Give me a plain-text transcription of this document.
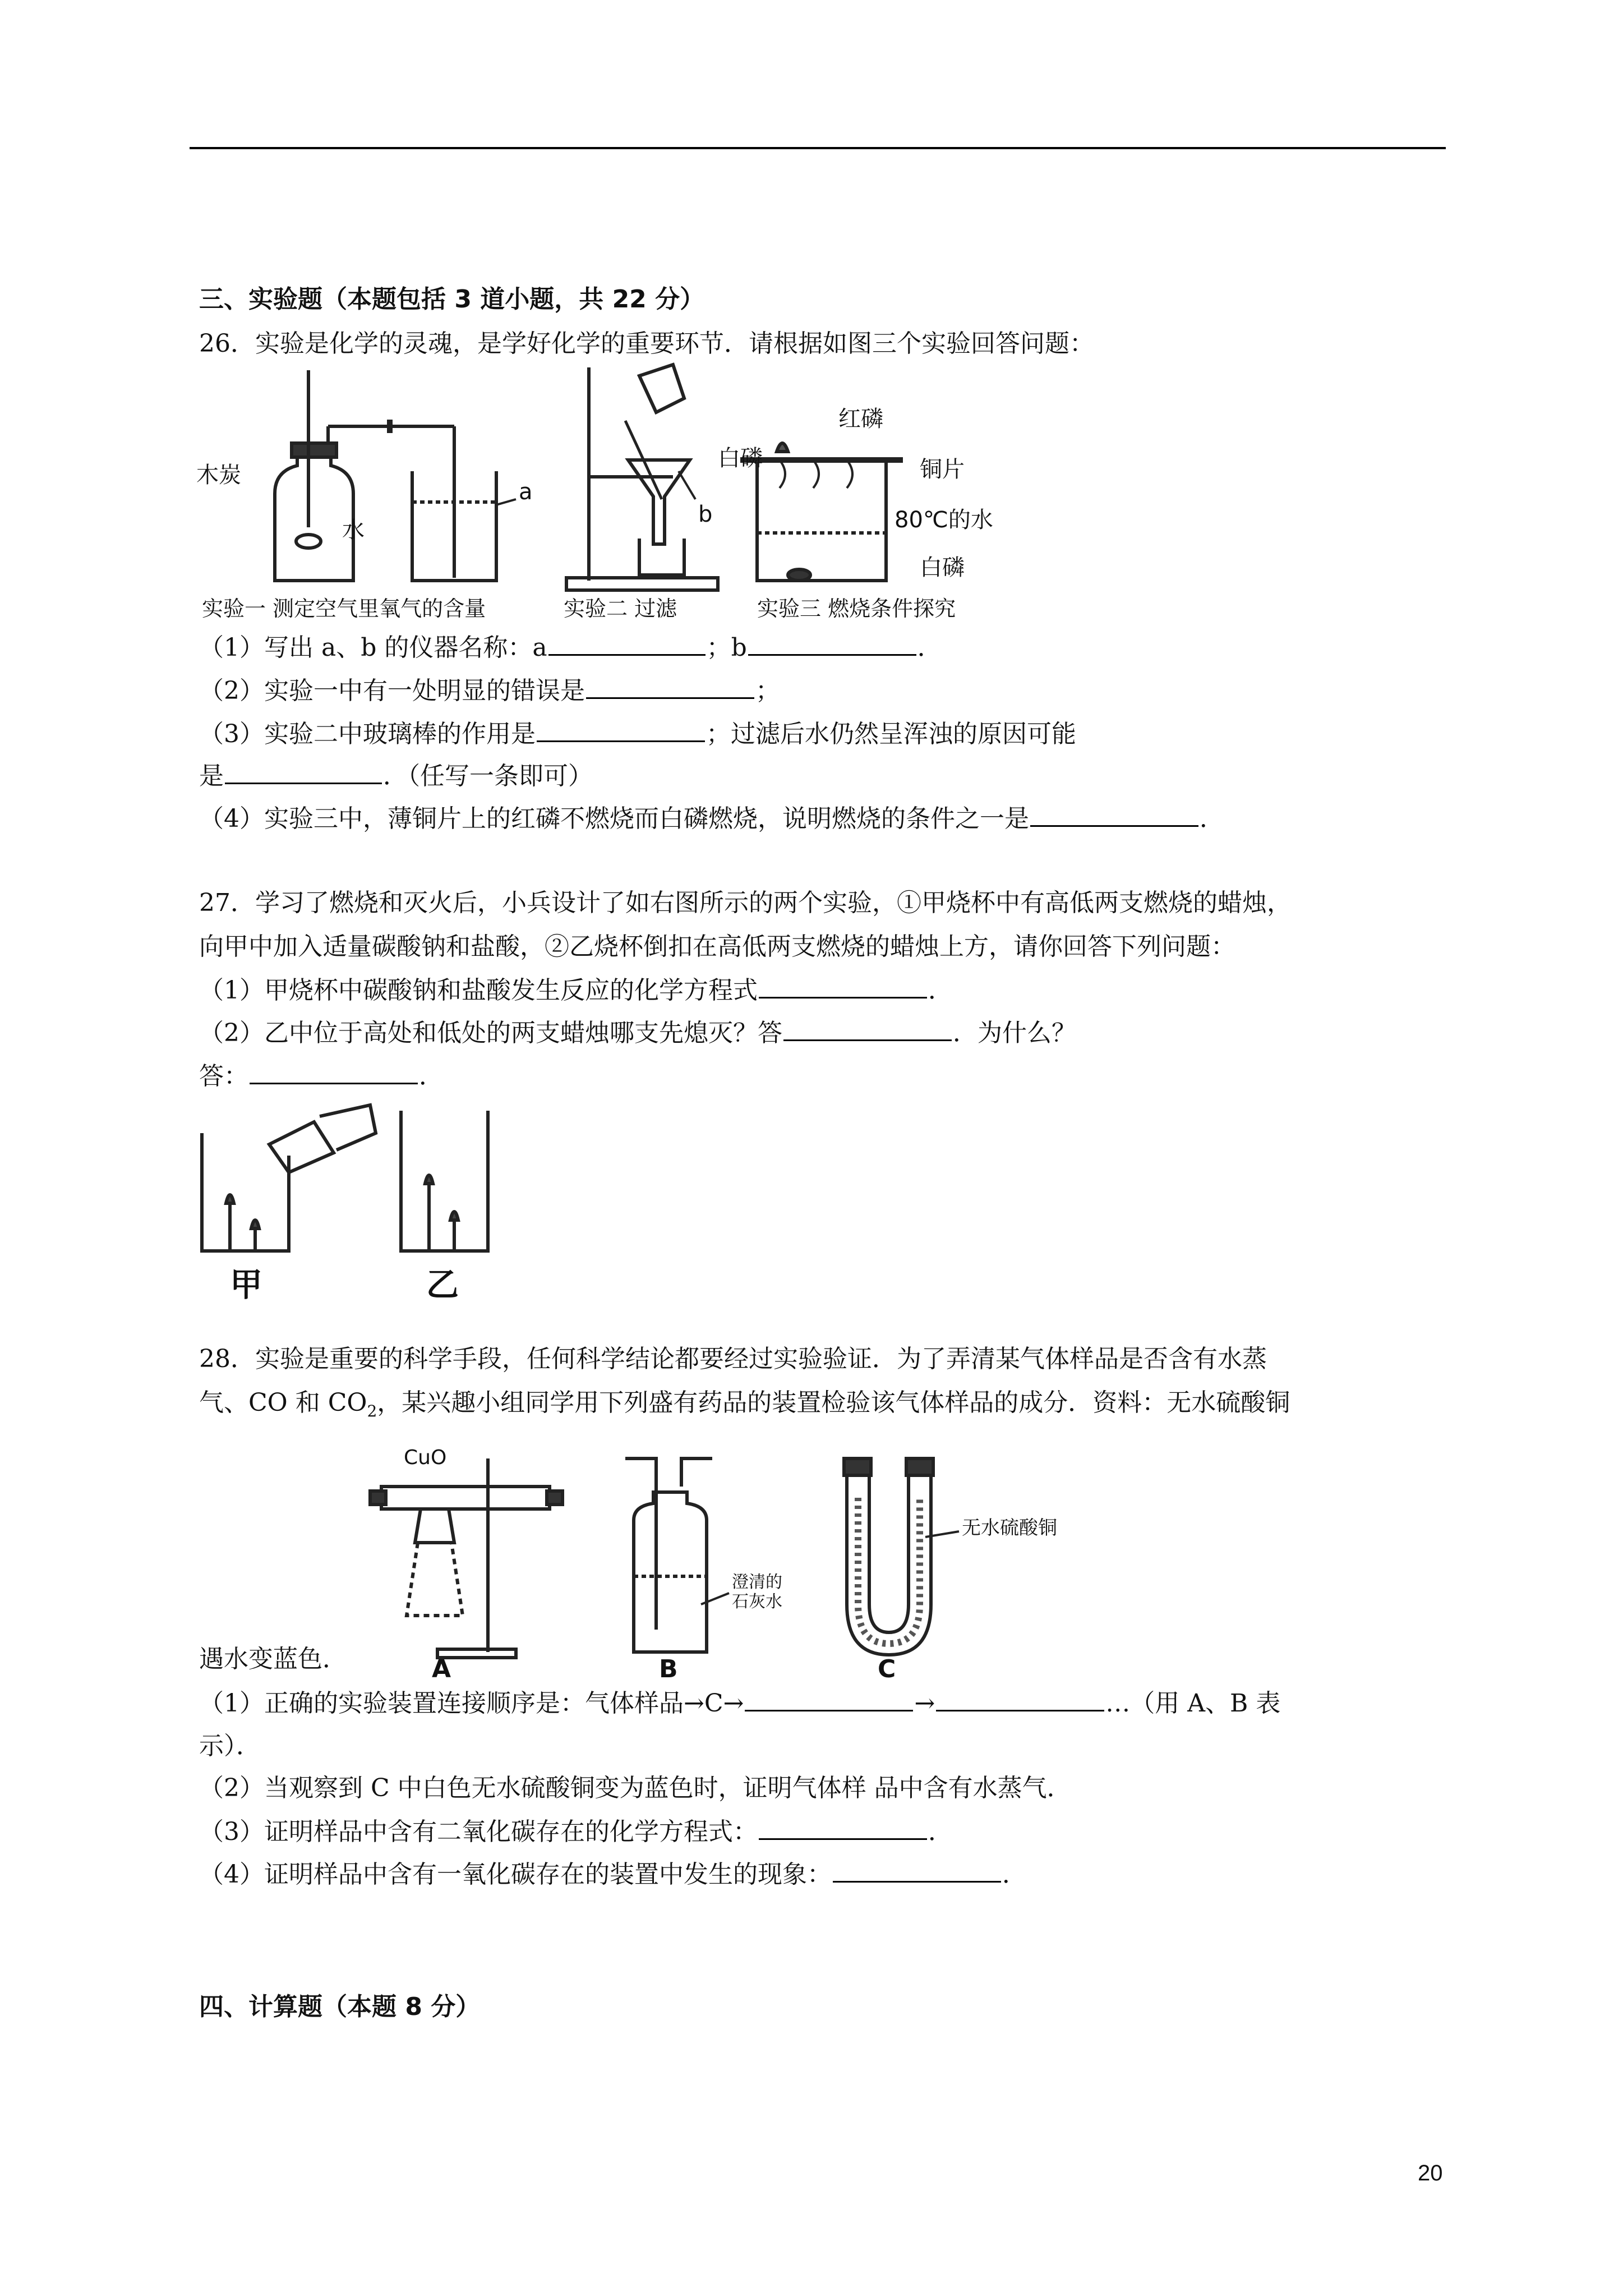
三、实验题（本题包括 3 道小题，共 22 分）
26．实验是化学的灵魂，是学好化学的重要环节．请根据如图三个实验回答问题：
木炭
水
a
b
红磷
白磷	铜片
80℃的水
白磷
实验一 测定空气里氧气的含量	实验二 过滤	实验三 燃烧条件探究
（1）写出 a、b 的仪器名称：a	；b	．
（2）实验一中有一处明显的错误是	；
（3）实验二中玻璃棒的作用是	；过滤后水仍然呈浑浊的原因可能
是	．（任写一条即可）
（4）实验三中，薄铜片上的红磷不燃烧而白磷燃烧，说明燃烧的条件之一是	．
27．学习了燃烧和灭火后，小兵设计了如右图所示的两个实验，①甲烧杯中有高低两支燃烧的蜡烛，
向甲中加入适量碳酸钠和盐酸，②乙烧杯倒扣在高低两支燃烧的蜡烛上方，请你回答下列问题：
（1）甲烧杯中碳酸钠和盐酸发生反应的化学方程式	．
（2）乙中位于高处和低处的两支蜡烛哪支先熄灭？答	．为什么？
答：	．
甲	乙
28．实验是重要的科学手段，任何科学结论都要经过实验验证．为了弄清某气体样品是否含有水蒸
气、CO 和 $CO_2$，某兴趣小组同学用下列盛有药品的装置检验该气体样品的成分．资料：无水硫酸铜
CuO
澄清的
石灰水
无水硫酸铜
A	B	C
遇水变蓝色．
（1）正确的实验装置连接顺序是：气体样品→C→	→	…（用 A、B 表
示）．
（2）当观察到 C 中白色无水硫酸铜变为蓝色时，证明气体样 品中含有水蒸气．
（3）证明样品中含有二氧化碳存在的化学方程式：	．
（4）证明样品中含有一氧化碳存在的装置中发生的现象：	．
四、计算题（本题 8 分）
20
